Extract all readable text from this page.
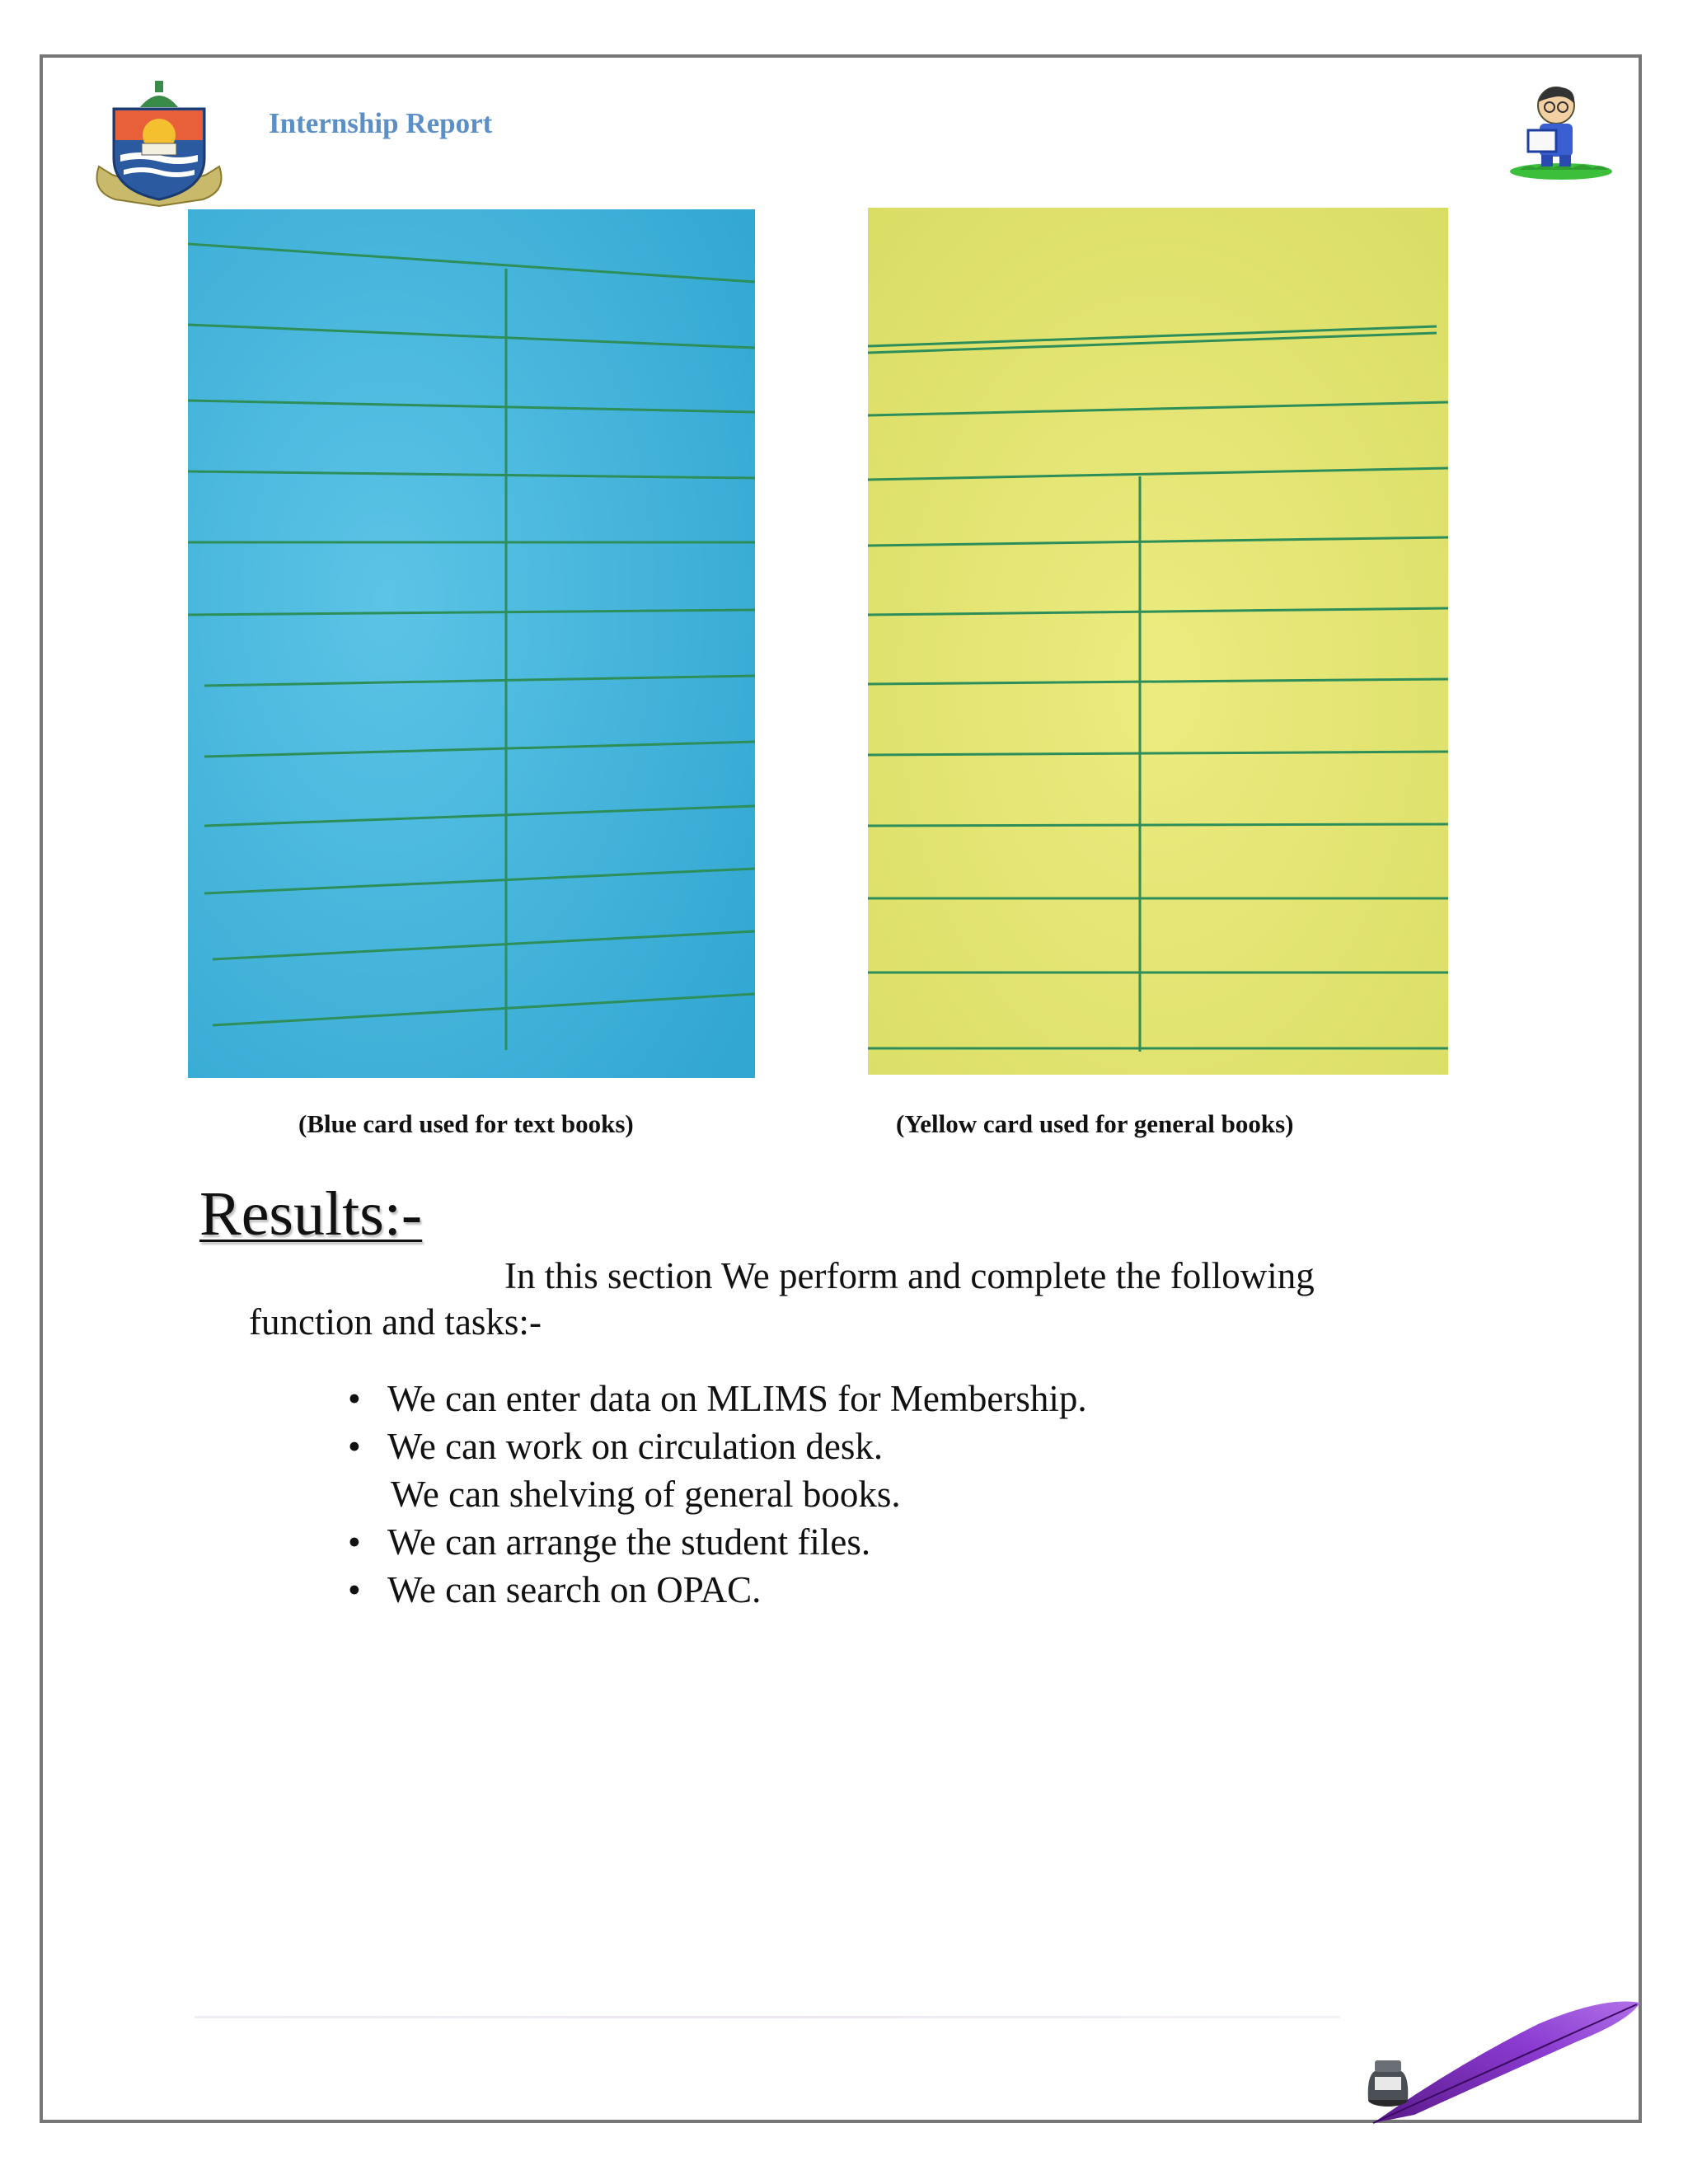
Internship Report
(Blue card used for text books)	(Yellow card used for general books)
Results:-
In this section We perform and complete the following
function and tasks:-
• We can enter data on MLIMS for Membership.
• We can work on circulation desk.
We can shelving of general books.
• We can arrange the student files.
• We can search on OPAC.
